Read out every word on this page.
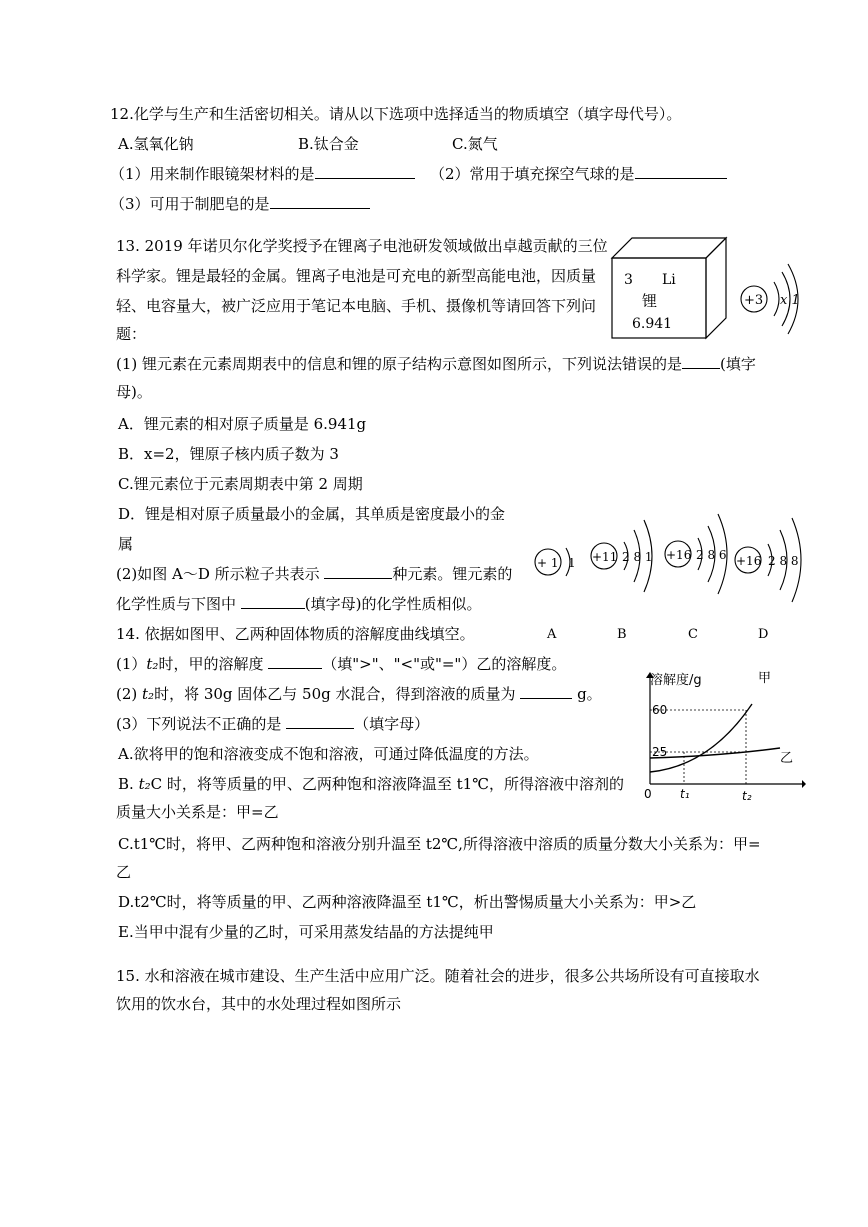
12.化学与生产和生活密切相关。请从以下选项中选择适当的物质填空（填字母代号）。
A.氢氧化钠	B.钛合金	C.氮气
（1）用来制作眼镜架材料的是	（2）常用于填充探空气球的是
（3）可用于制肥皂的是
13. 2019 年诺贝尔化学奖授予在锂离子电池研发领域做出卓越贡献的三位
科学家。锂是最轻的金属。锂离子电池是可充电的新型高能电池，因质量
轻、电容量大，被广泛应用于笔记本电脑、手机、摄像机等请回答下列问
题：
3 Li
锂
6.941
+3 x 1
(1) 锂元素在元素周期表中的信息和锂的原子结构示意图如图所示，下列说法错误的是	(填字
母)。
A．锂元素的相对原子质量是 6.941g
B．x=2，锂原子核内质子数为 3
C.锂元素位于元素周期表中第 2 周期
D．锂是相对原子质量最小的金属，其单质是密度最小的金
属
(2)如图 A～D 所示粒子共表示	种元素。锂元素的
化学性质与下图中	(填字母)的化学性质相似。
+ 1 1 +11 2 8 1 +16 2 8 6 +16 2 8 8
A	B	C	D
14. 依据如图甲、乙两种固体物质的溶解度曲线填空。
(1）t₂时，甲的溶解度	（填">"、"<"或"="）乙的溶解度。
(2) t₂时，将 30g 固体乙与 50g 水混合，得到溶液的质量为	g。
(3）下列说法不正确的是	（填字母）
A.欲将甲的饱和溶液变成不饱和溶液，可通过降低温度的方法。
B. t₂C 时，将等质量的甲、乙两种饱和溶液降温至 t1℃，所得溶液中溶剂的
质量大小关系是：甲=乙
C.t1℃时，将甲、乙两种饱和溶液分别升温至 t2℃,所得溶液中溶质的质量分数大小关系为：甲=
乙
D.t2℃时，将等质量的甲、乙两种溶液降温至 t1℃，析出警惕质量大小关系为：甲>乙
E.当甲中混有少量的乙时，可采用蒸发结晶的方法提纯甲
溶解度/g	甲
乙
60
25
0 t₁	t₂
15. 水和溶液在城市建设、生产生活中应用广泛。随着社会的进步，很多公共场所设有可直接取水
饮用的饮水台，其中的水处理过程如图所示
